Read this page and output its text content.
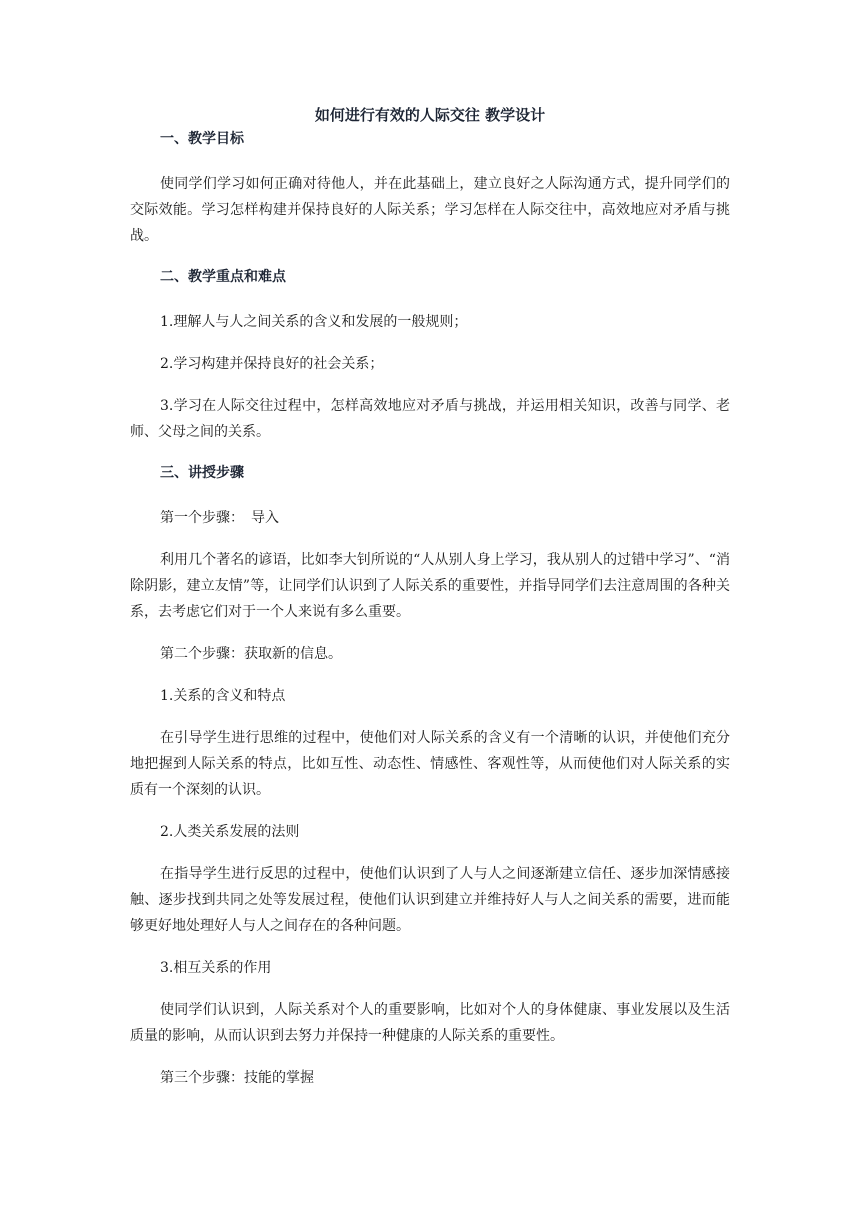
如何进行有效的人际交往 教学设计
一、教学目标
使同学们学习如何正确对待他人，并在此基础上，建立良好之人际沟通方式，提升同学们的交际效能。学习怎样构建并保持良好的人际关系；学习怎样在人际交往中，高效地应对矛盾与挑战。
二、教学重点和难点
1.理解人与人之间关系的含义和发展的一般规则；
2.学习构建并保持良好的社会关系；
3.学习在人际交往过程中，怎样高效地应对矛盾与挑战，并运用相关知识，改善与同学、老师、父母之间的关系。
三、讲授步骤
第一个步骤：　导入
利用几个著名的谚语，比如李大钊所说的“人从别人身上学习，我从别人的过错中学习”、“消除阴影，建立友情”等，让同学们认识到了人际关系的重要性，并指导同学们去注意周围的各种关系，去考虑它们对于一个人来说有多么重要。
第二个步骤：获取新的信息。
1.关系的含义和特点
在引导学生进行思维的过程中，使他们对人际关系的含义有一个清晰的认识，并使他们充分地把握到人际关系的特点，比如互性、动态性、情感性、客观性等，从而使他们对人际关系的实质有一个深刻的认识。
2.人类关系发展的法则
在指导学生进行反思的过程中，使他们认识到了人与人之间逐渐建立信任、逐步加深情感接触、逐步找到共同之处等发展过程，使他们认识到建立并维持好人与人之间关系的需要，进而能够更好地处理好人与人之间存在的各种问题。
3.相互关系的作用
使同学们认识到，人际关系对个人的重要影响，比如对个人的身体健康、事业发展以及生活质量的影响，从而认识到去努力并保持一种健康的人际关系的重要性。
第三个步骤：技能的掌握
